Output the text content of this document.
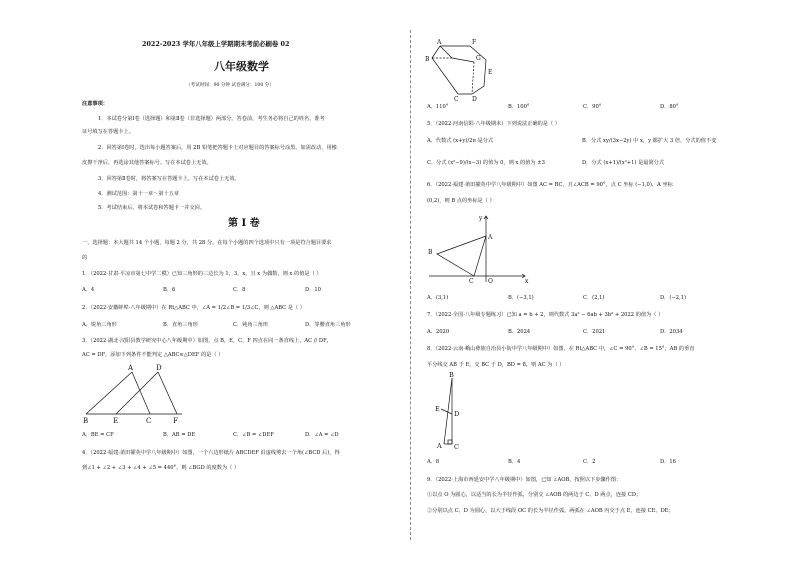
2022-2023 学年八年级上学期期末考前必刷卷 02
八年级数学
（考试时间：90 分钟 试卷满分：100 分）
注意事项：
1．本试卷分第Ⅰ卷（选择题）和第Ⅱ卷（非选择题）两部分。答卷前，考生务必将自己的姓名、准考
证号填写在答题卡上。
2．回答第Ⅰ卷时，选出每小题答案后，用 2B 铅笔把答题卡上对应题目的答案标号涂黑。如需改动，用橡
皮擦干净后，再选涂其他答案标号。写在本试卷上无效。
3．回答第Ⅱ卷时，将答案写在答题卡上。写在本试卷上无效。
4．测试范围：第十一章～第十五章
5．考试结束后，将本试卷和答题卡一并交回。
第 Ⅰ 卷
一、选择题：本大题共 14 个小题，每题 2 分，共 28 分。在每个小题的四个选项中只有一项是符合题目要求
的
1．（2022·甘肃·平凉市第七中学二模）已知三角形的三边长为 1，3，x，且 x 为偶数，则 x 的值是（ ）
A．4	B．6	C．8	D．10
2．（2022·安徽蚌埠·八年级期中）在 Rt△ABC 中，∠A = 1/2∠B = 1/3∠C，则 △ABC 是（ ）
A．锐角三角形	B．直角三角形	C．钝角三角形	D．等腰直角三角形
3．（2022·湖北·汉阳县教学研究中心八年级期中）如图，点 B，E，C，F 四点在同一条直线上，AC // DF，
AC = DF，添加下列条件不能判定 △ABC≌△DEF 的是（ ）
A	D
B	E	C	F
A．BE = CF	B．AB = DE	C．∠B = ∠DEF	D．∠A = ∠D
4．（2022·福建·莆田擢英中学八年级期中）如图，一个六边形纸片 ABCDEF 沿虚线剪去一个角(∠BCD 后)，得
到∠1 + ∠2 + ∠3 + ∠4 + ∠5 = 440°，则 ∠BGD 的度数为（ ）
A	F
B	G
E
C D
A．110°	B．100°	C．90°	D．80°
5．（2022·河南信阳·八年级期末）下列说法正确的是（ ）
A．代数式 (x+y)/2π 是分式	B．分式 xy/(3x−2y) 中 x，y 都扩大 3 倍，分式的值不变
C．分式 (x²−9)/(x−3) 的值为 0，则 x 的值为 ±3	D．分式 (x+1)/(x²+1) 是最简分式
6．（2022·福建·莆田擢英中学八年级期中）如图 AC = BC，且∠ACB = 90°，点 C 坐标 (−1,0)，A 坐标
(0,2)，则 B 点的坐标是（ ）
y
A
B
C O	x
A．(3,1)	B．(−3,1)	C．(2,1)	D．(−2,1)
7．（2022·全国·八年级专题练习）已知 a = b + 2，则代数式 3a² − 6ab + 3b² + 2022 的值为（ ）
A．2020	B．2024	C．2021	D．2034
8．（2022·云南·峨山彝族自治县小街中学八年级期中）如图，在 Rt△ABC 中，∠C = 90°，∠B = 15°，AB 的垂直
平分线交 AB 于 E，交 BC 于 D，BD = 8，则 AC 为（ ）
B
E
D
A C
A．8	B．4	C．2	D．16
9．（2022·上海市西延安中学八年级期中）如图，已知 ∠AOB，按照以下步骤作图：
①以点 O 为圆心，以适当的长为半径作弧，分别交 ∠AOB 的两边于 C、D 两点，连接 CD；
②分别以点 C、D 为圆心，以大于线段 OC 的长为半径作弧，两弧在 ∠AOB 内交于点 E，连接 CE、DE；
